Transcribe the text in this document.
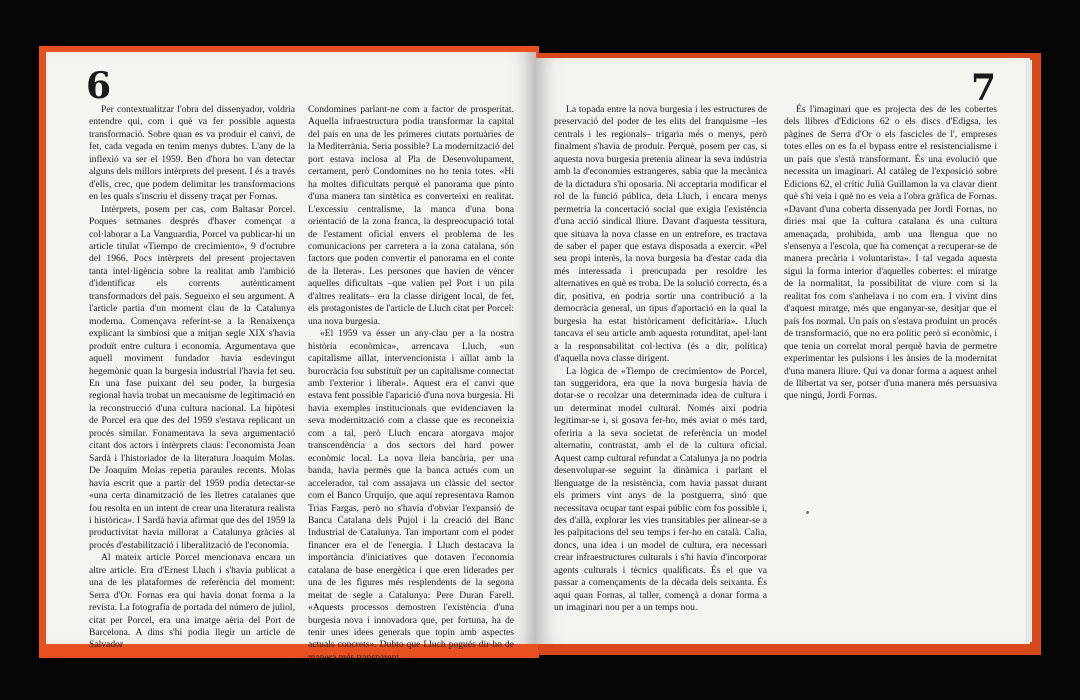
6

Per contextualitzar l'obra del dissenyador, voldria entendre qui, com i què va fer possible aquesta transformació. Sobre quan es va produir el canvi, de fet, cada vegada en tenim menys dubtes. L'any de la inflexió va ser el 1959. Ben d'hora ho van detectar alguns dels millors intèrprets del present. I és a través d'ells, crec, que podem delimitar les transformacions en les quals s'inscriu el disseny traçat per Fornas.

Intèrprets, posem per cas, com Baltasar Porcel. Poques setmanes després d'haver començat a col·laborar a La Vanguardia, Porcel va publicar-hi un article titulat «Tiempo de crecimiento», 9 d'octubre del 1966. Pocs intèrprets del present projectaven tanta intel·ligència sobre la realitat amb l'ambició d'identificar els corrents autènticament transformadors del país. Segueixo el seu argument. A l'article partia d'un moment clau de la Catalunya moderna. Començava referint-se a la Renaixença explicant la simbiosi que a mitjan segle XIX s'havia produït entre cultura i economia. Argumentava que aquell moviment fundador havia esdevingut hegemònic quan la burgesia industrial l'havia fet seu. En una fase puixant del seu poder, la burgesia regional havia trobat un mecanisme de legitimació en la reconstrucció d'una cultura nacional. La hipòtesi de Porcel era que des del 1959 s'estava replicant un procés similar. Fonamentava la seva argumentació citant dos actors i intèrprets claus: l'economista Joan Sardà i l'historiador de la literatura Joaquim Molas. De Joaquim Molas repetia paraules recents. Molas havia escrit que a partir del 1959 podia detectar-se «una certa dinamització de les lletres catalanes que fou resolta en un intent de crear una literatura realista i històrica». I Sardà havia afirmat que des del 1959 la productivitat havia millorat a Catalunya gràcies al procés d'estabilització i liberalització de l'economia.

Al mateix article Porcel mencionava encara un altre article. Era d'Ernest Lluch i s'havia publicat a una de les plataformes de referència del moment: Serra d'Or. Fornas era qui havia donat forma a la revista. La fotografia de portada del número de juliol, citat per Porcel, era una imatge aèria del Port de Barcelona. A dins s'hi podia llegir un article de Salvador

Condomines parlant-ne com a factor de prosperitat. Aquella infraestructura podia transformar la capital del país en una de les primeres ciutats portuàries de la Mediterrània. Seria possible? La modernització del port estava inclosa al Pla de Desenvolupament, certament, però Condomines no ho tenia totes. «Hi ha moltes dificultats perquè el panorama que pinto d'una manera tan sintètica es converteixi en realitat. L'excessiu centralisme, la manca d'una bona orientació de la zona franca, la despreocupació total de l'estament oficial envers el problema de les comunicacions per carretera a la zona catalana, són factors que poden convertir el panorama en el conte de la lletera». Les persones que havien de vèncer aquelles dificultats –que valien pel Port i un pila d'altres realitats– era la classe dirigent local, de fet, els protagonistes de l'article de Lluch citat per Porcel: una nova burgesia.

«El 1959 va ésser un any-clau per a la nostra història econòmica», arrencava Lluch, «un capitalisme aïllat, intervencionista i aïllat amb la burocràcia fou substituït per un capitalisme connectat amb l'exterior i liberal». Aquest era el canvi que estava fent possible l'aparició d'una nova burgesia. Hi havia exemples institucionals que evidenciaven la seva modernització com a classe que es reconeixia com a tal, però Lluch encara atorgava major transcendència a dos sectors del hard power econòmic local. La nova lleia bancària, per una banda, havia permès que la banca actués com un accelerador, tal com assajava un clàssic del sector com el Banco Urquijo, que aquí representava Ramon Trias Fargas, però no s'havia d'obviar l'expansió de Banca Catalana dels Pujol i la creació del Banc Industrial de Catalunya. Tan important com el poder financer era el de l'energia. I Lluch destacava la importància d'iniciatives que dotaven l'economia catalana de base energètica i que eren liderades per una de les figures més resplendents de la segona meitat de segle a Catalunya: Pere Duran Farell. «Aquests processos demostren l'existència d'una burgesia nova i innovadora que, per fortuna, ha de tenir unes idees generals que topin amb aspectes actuals concrets». Dubto que Lluch pogués dir-ho de manera més transparent.

7

La topada entre la nova burgesia i les estructures de preservació del poder de les elits del franquisme –les centrals i les regionals– trigaria més o menys, però finalment s'havia de produir. Perquè, posem per cas, si aquesta nova burgesia pretenia alinear la seva indústria amb la d'economies estrangeres, sabia que la mecànica de la dictadura s'hi oposaria. Ni acceptaria modificar el rol de la funció pública, deia Lluch, i encara menys permetria la concertació social que exigia l'existència d'una acció sindical lliure. Davant d'aquesta tessitura, que situava la nova classe en un entrefore, es tractava de saber el paper que estava disposada a exercir. «Pel seu propi interès, la nova burgesia ha d'estar cada dia més interessada i preocupada per resoldre les alternatives en què es troba. De la solució correcta, és a dir, positiva, en podria sortir una contribució a la democràcia general, un tipus d'aportació en la qual la burgesia ha estat històricament deficitària». Lluch tancava el seu article amb aquesta rotunditat, apel·lant a la responsabilitat col·lectiva (és a dir, política) d'aquella nova classe dirigent.

La lògica de «Tiempo de crecimiento» de Porcel, tan suggeridora, era que la nova burgesia havia de dotar-se o recolzar una determinada idea de cultura i un determinat model cultural. Només així podria legitimar-se i, si gosava fer-ho, més aviat o més tard, oferiria a la seva societat de referència un model alternatiu, contrastat, amb el de la cultura oficial. Aquest camp cultural refundat a Catalunya ja no podria desenvolupar-se seguint la dinàmica i parlant el llenguatge de la resistència, com havia passat durant els primers vint anys de la postguerra, sinó que necessitava ocupar tant espai públic com fos possible i, des d'allà, explorar les vies transitables per alinear-se a les palpitacions del seu temps i fer-ho en català. Calia, doncs, una idea i un model de cultura, era necessari crear infraestructures culturals i s'hi havia d'incorporar agents culturals i tècnics qualificats. És el que va passar a començaments de la dècada dels seixanta. És aquí quan Fornas, al taller, començà a donar forma a un imaginari nou per a un temps nou.

És l'imaginari que es projecta des de les cobertes dels llibres d'Edicions 62 o els discs d'Edigsa, les pàgines de Serra d'Or o els fascicles de l', empreses totes elles on es fa el bypass entre el resistencialisme i un país que s'està transformant. És una evolució que necessita un imaginari. Al catàleg de l'exposició sobre Edicions 62, el crític Julià Guillamon la va clavar dient què s'hi veia i què no es veia a l'obra gràfica de Fornas. «Davant d'una coberta dissenyada per Jordi Fornas, no diries mai que la cultura catalana és una cultura amenaçada, prohibida, amb una llengua que no s'ensenya a l'escola, que ha començat a recuperar-se de manera precària i voluntarista». I tal vegada aquesta sigui la forma interior d'aquelles cobertes: el miratge de la normalitat, la possibilitat de viure com si la realitat fos com s'anhelava i no com era. I vivint dins d'aquest miratge, més que enganyar-se, desitjar que el país fos normal. Un país on s'estava produint un procés de transformació, que no era polític però sí econòmic, i que tenia un correlat moral perquè havia de permetre experimentar les pulsions i les ànsies de la modernitat d'una manera lliure. Qui va donar forma a aquest anhel de llibertat va ser, potser d'una manera més persuasiva que ningú, Jordi Fornas.
